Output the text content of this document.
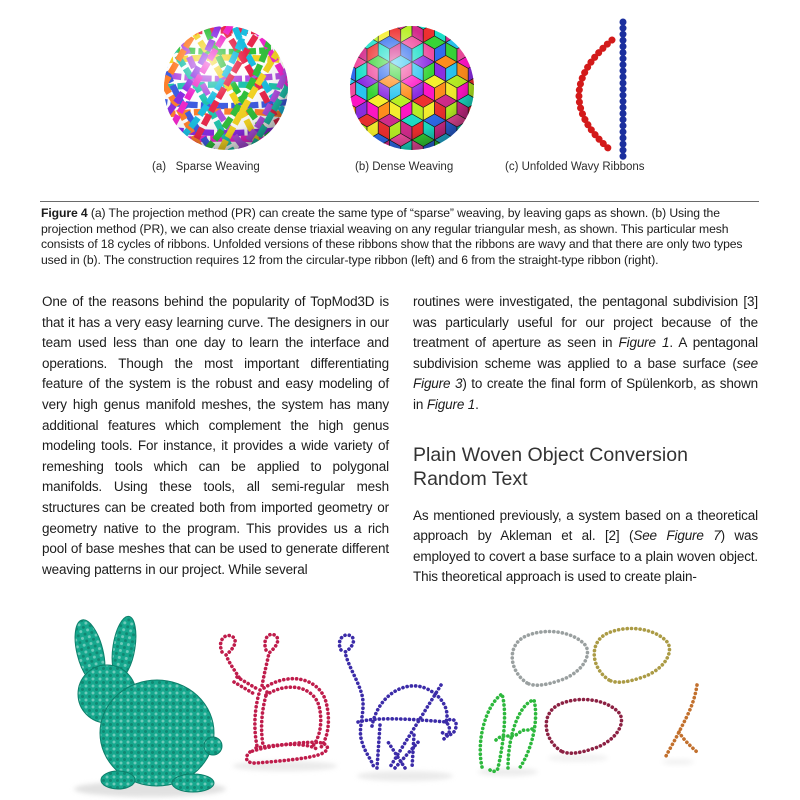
(a)   Sparse Weaving	(b) Dense Weaving	(c) Unfolded Wavy Ribbons
Figure 4 (a) The projection method (PR) can create the same type of “sparse” weaving, by leaving gaps as shown. (b) Using the projection method (PR), we can also create dense triaxial weaving on any regular triangular mesh, as shown. This particular mesh consists of 18 cycles of ribbons. Unfolded versions of these ribbons show that the ribbons are wavy and that there are only two types used in (b). The construction requires 12 from the circular-type ribbon (left) and 6 from the straight-type ribbon (right).

One of the reasons behind the popularity of TopMod3D is that it has a very easy learning curve. The designers in our team used less than one day to learn the interface and operations. Though the most important differentiating feature of the system is the robust and easy modeling of very high genus manifold meshes, the system has many additional features which complement the high genus modeling tools. For instance, it provides a wide variety of remeshing tools which can be applied to polygonal manifolds. Using these tools, all semi-regular mesh structures can be created both from imported geometry or geometry native to the program. This provides us a rich pool of base meshes that can be used to generate different weaving patterns in our project. While several

routines were investigated, the pentagonal subdivision [3] was particularly useful for our project because of the treatment of aperture as seen in Figure 1. A pentagonal subdivision scheme was applied to a base surface (see Figure 3) to create the final form of Spülenkorb, as shown in Figure 1.

Plain Woven Object Conversion
Random Text

As mentioned previously, a system based on a theoretical approach by Akleman et al. [2] (See Figure 7) was employed to covert a base surface to a plain woven object. This theoretical approach is used to create plain-
